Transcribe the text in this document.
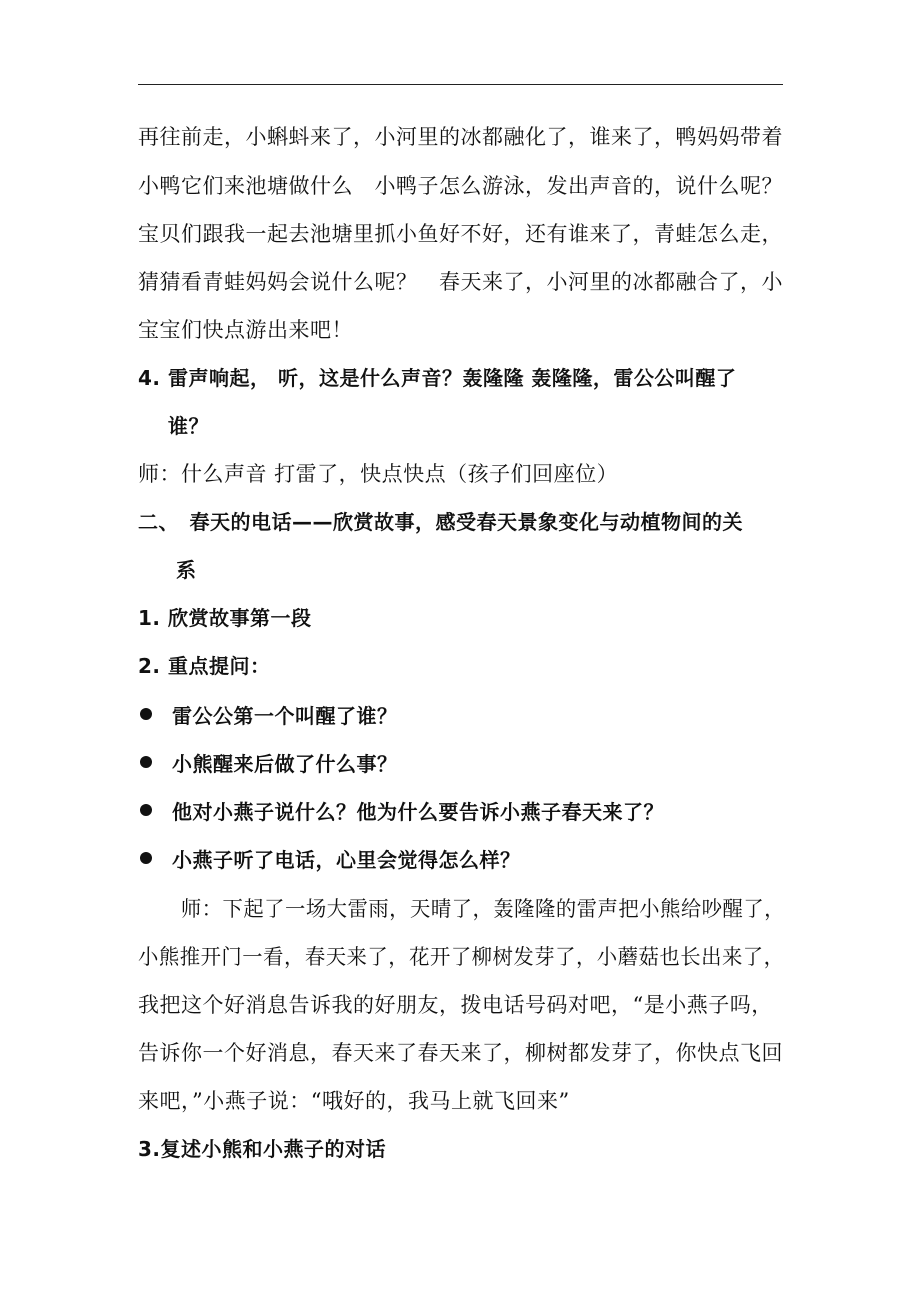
再往前走，小蝌蚪来了，小河里的冰都融化了，谁来了，鸭妈妈带着
小鸭它们来池塘做什么　小鸭子怎么游泳，发出声音的，说什么呢？
宝贝们跟我一起去池塘里抓小鱼好不好，还有谁来了，青蛙怎么走，
猜猜看青蛙妈妈会说什么呢？　春天来了，小河里的冰都融合了，小
宝宝们快点游出来吧！
4. 雷声响起， 听，这是什么声音？轰隆隆 轰隆隆，雷公公叫醒了
谁？
师：什么声音 打雷了，快点快点（孩子们回座位）
二、　春天的电话——欣赏故事，感受春天景象变化与动植物间的关
系
1. 欣赏故事第一段
2. 重点提问：
雷公公第一个叫醒了谁？
小熊醒来后做了什么事？
他对小燕子说什么？他为什么要告诉小燕子春天来了？
小燕子听了电话，心里会觉得怎么样？
　师：下起了一场大雷雨，天晴了，轰隆隆的雷声把小熊给吵醒了，
小熊推开门一看，春天来了，花开了柳树发芽了，小蘑菇也长出来了，
我把这个好消息告诉我的好朋友，拨电话号码对吧，“是小燕子吗，
告诉你一个好消息，春天来了春天来了，柳树都发芽了，你快点飞回
来吧，”小燕子说：“哦好的，我马上就飞回来”
3.复述小熊和小燕子的对话
